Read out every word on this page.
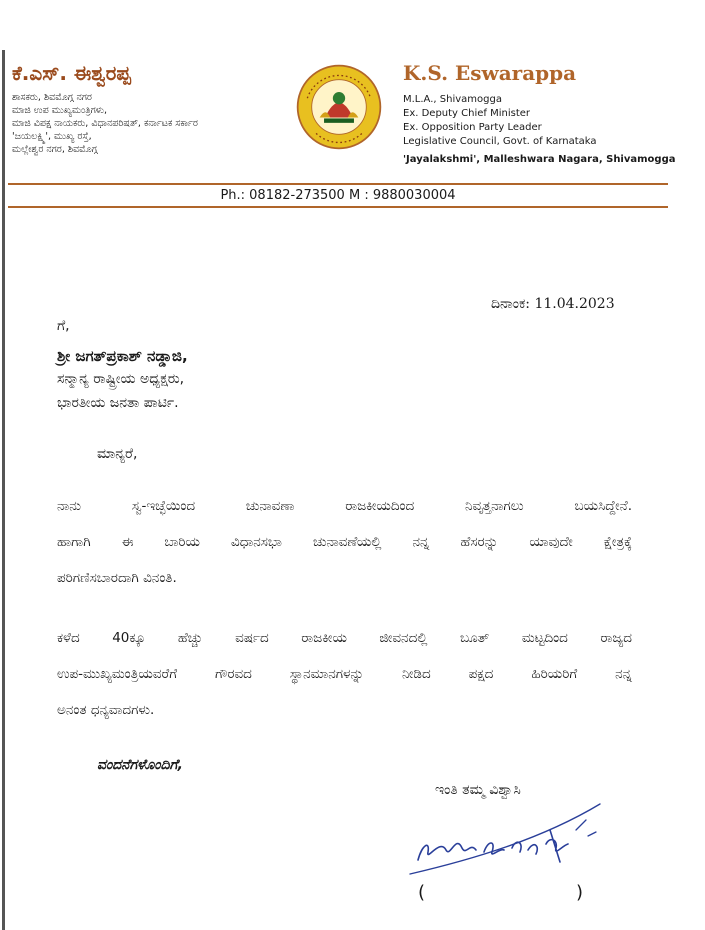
ಕೆ.ಎಸ್. ಈಶ್ವರಪ್ಪ
ಶಾಸಕರು, ಶಿವಮೊಗ್ಗ ನಗರ
ಮಾಜಿ ಉಪ ಮುಖ್ಯಮಂತ್ರಿಗಳು,
ಮಾಜಿ ವಿಪಕ್ಷ ನಾಯಕರು, ವಿಧಾನಪರಿಷತ್, ಕರ್ನಾಟಕ ಸರ್ಕಾರ
'ಜಯಲಕ್ಷ್ಮಿ', ಮುಖ್ಯ ರಸ್ತೆ,
ಮಲ್ಲೇಶ್ವರ ನಗರ, ಶಿವಮೊಗ್ಗ
K.S. Eswarappa
M.L.A., Shivamogga
Ex. Deputy Chief Minister
Ex. Opposition Party Leader
Legislative Council, Govt. of Karnataka
'Jayalakshmi', Malleshwara Nagara, Shivamogga
Ph.: 08182-273500 M : 9880030004
ದಿನಾಂಕ: 11.04.2023
ಗೆ,
ಶ್ರೀ ಜಗತ್‌ಪ್ರಕಾಶ್ ನಡ್ಡಾಜಿ,
ಸನ್ಮಾನ್ಯ ರಾಷ್ಟ್ರೀಯ ಅಧ್ಯಕ್ಷರು,
ಭಾರತೀಯ ಜನತಾ ಪಾರ್ಟಿ.
ಮಾನ್ಯರೆ,
ನಾನು ಸ್ವ-ಇಚ್ಛೆಯಿಂದ ಚುನಾವಣಾ ರಾಜಕೀಯದಿಂದ ನಿವೃತ್ತನಾಗಲು ಬಯಸಿದ್ದೇನೆ.
ಹಾಗಾಗಿ ಈ ಬಾರಿಯ ವಿಧಾನಸಭಾ ಚುನಾವಣೆಯಲ್ಲಿ ನನ್ನ ಹೆಸರನ್ನು ಯಾವುದೇ ಕ್ಷೇತ್ರಕ್ಕೆ
ಪರಿಗಣಿಸಬಾರದಾಗಿ ವಿನಂತಿ.
ಕಳೆದ 40ಕ್ಕೂ ಹೆಚ್ಚು ವರ್ಷದ ರಾಜಕೀಯ ಜೀವನದಲ್ಲಿ ಬೂತ್ ಮಟ್ಟದಿಂದ ರಾಜ್ಯದ
ಉಪ-ಮುಖ್ಯಮಂತ್ರಿಯವರೆಗೆ ಗೌರವದ ಸ್ಥಾನಮಾನಗಳನ್ನು ನೀಡಿದ ಪಕ್ಷದ ಹಿರಿಯರಿಗೆ ನನ್ನ
ಅನಂತ ಧನ್ಯವಾದಗಳು.
ವಂದನೆಗಳೊಂದಿಗೆ,
ಇಂತಿ ತಮ್ಮ ವಿಶ್ವಾಸಿ
(	)
